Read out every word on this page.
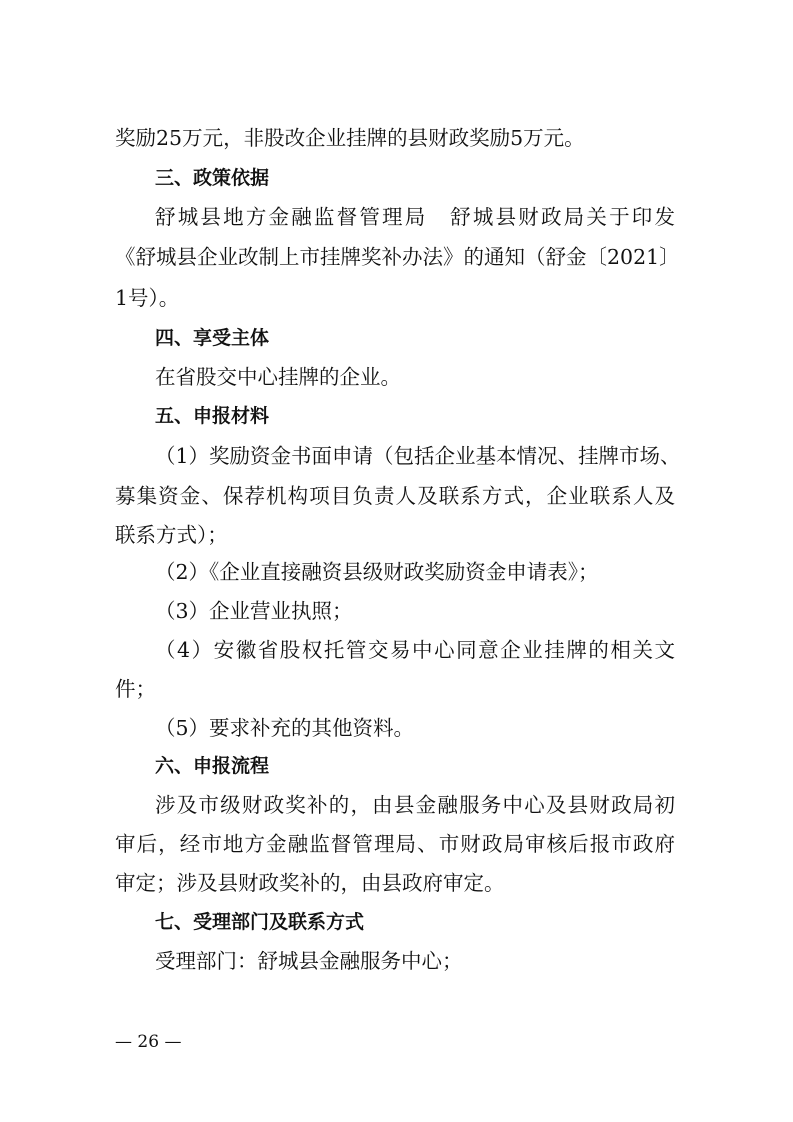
奖励25万元，非股改企业挂牌的县财政奖励5万元。
三、政策依据
舒城县地方金融监督管理局　舒城县财政局关于印发
《舒城县企业改制上市挂牌奖补办法》的通知（舒金〔2021〕
1号）。
四、享受主体
在省股交中心挂牌的企业。
五、申报材料
（1）奖励资金书面申请（包括企业基本情况、挂牌市场、
募集资金、保荐机构项目负责人及联系方式，企业联系人及
联系方式）；
（2）《企业直接融资县级财政奖励资金申请表》；
（3）企业营业执照；
（4）安徽省股权托管交易中心同意企业挂牌的相关文
件；
（5）要求补充的其他资料。
六、申报流程
涉及市级财政奖补的，由县金融服务中心及县财政局初
审后，经市地方金融监督管理局、市财政局审核后报市政府
审定；涉及县财政奖补的，由县政府审定。
七、受理部门及联系方式
受理部门：舒城县金融服务中心；
— 26 —
